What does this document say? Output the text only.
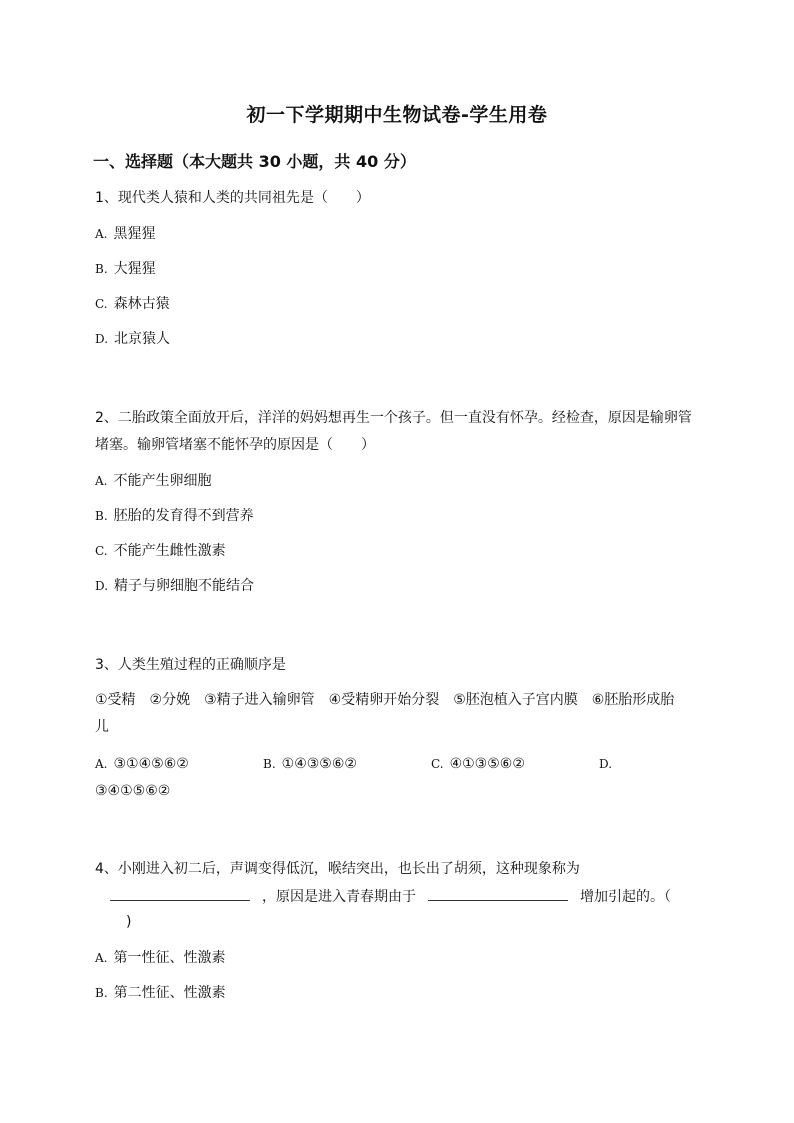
初一下学期期中生物试卷-学生用卷
一、选择题（本大题共 30 小题，共 40 分）
1、现代类人猿和人类的共同祖先是（　　）
A. 黑猩猩
B. 大猩猩
C. 森林古猿
D. 北京猿人
2、二胎政策全面放开后，洋洋的妈妈想再生一个孩子。但一直没有怀孕。经检查，原因是输卵管
堵塞。输卵管堵塞不能怀孕的原因是（　　）
A. 不能产生卵细胞
B. 胚胎的发育得不到营养
C. 不能产生雌性激素
D. 精子与卵细胞不能结合
3、人类生殖过程的正确顺序是
①受精　②分娩　③精子进入输卵管　④受精卵开始分裂　⑤胚泡植入子宫内膜　⑥胚胎形成胎
儿
A. ③①④⑤⑥②	B. ①④③⑤⑥②	C. ④①③⑤⑥②	D.
③④①⑤⑥②
4、小刚进入初二后，声调变得低沉，喉结突出，也长出了胡须，这种现象称为
，原因是进入青春期由于	增加引起的。（
)
A. 第一性征、性激素
B. 第二性征、性激素
